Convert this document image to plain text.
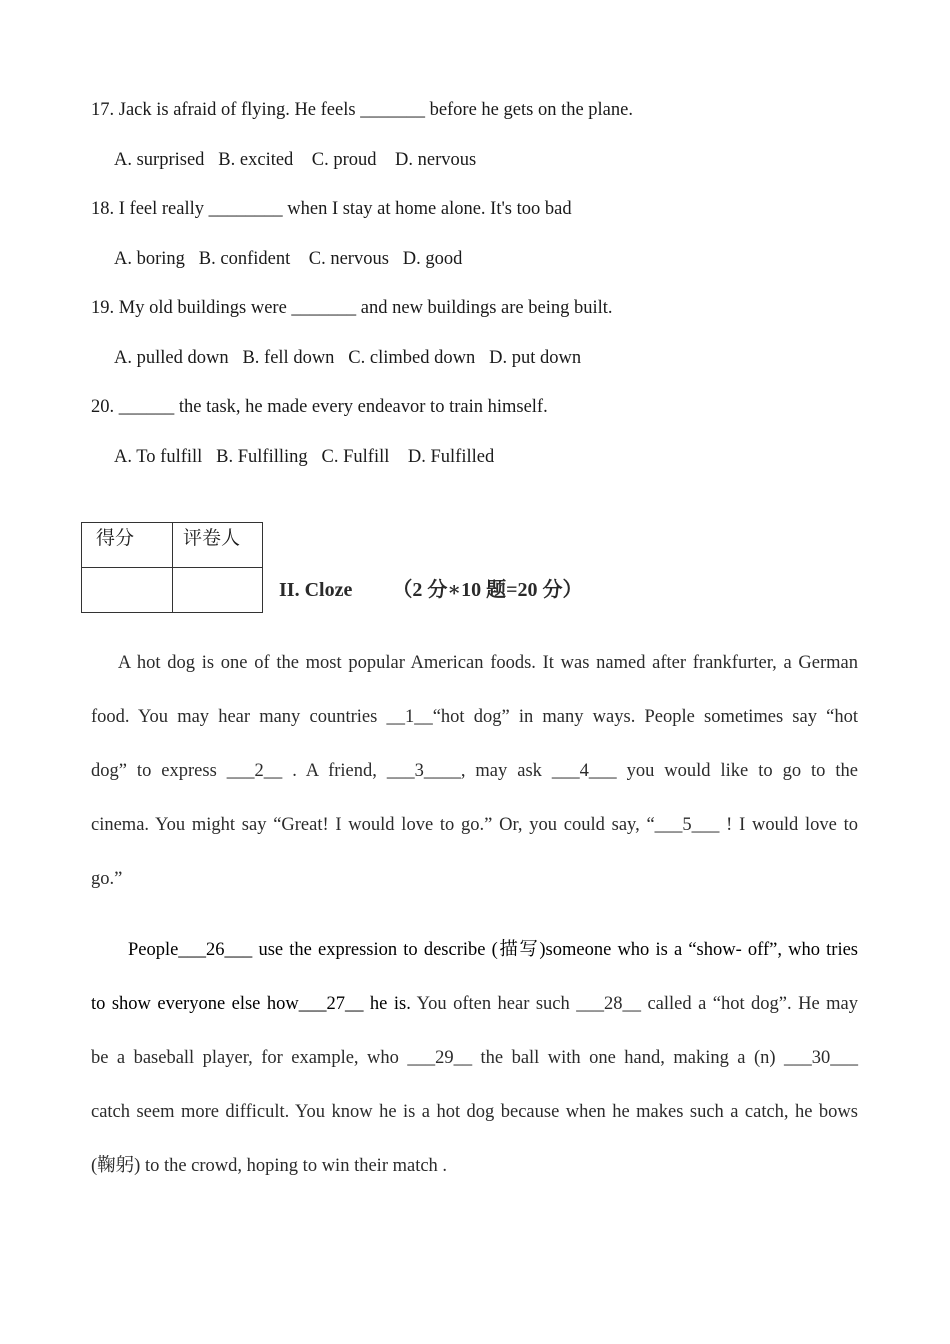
17. Jack is afraid of flying. He feels _______ before he gets on the plane.
A. surprised   B. excited    C. proud    D. nervous
18. I feel really ________ when I stay at home alone. It's too bad
A. boring   B. confident    C. nervous   D. good
19. My old buildings were _______ and new buildings are being built.
A. pulled down   B. fell down   C. climbed down   D. put down
20. ______ the task, he made every endeavor to train himself.
A. To fulfill   B. Fulfilling   C. Fulfill    D. Fulfilled
得分	评卷人

II. Cloze        （2 分∗10 题=20 分）
A hot dog is one of the most popular American foods. It was named after frankfurter, a German
food. You may hear many countries __1__“hot dog” in many ways. People sometimes say “hot
dog” to express ___2__ . A friend, ___3____, may ask ___4___ you would like to go to the
cinema. You might say “Great! I would love to go.” Or, you could say, “___5___ ! I would love to
go.”
People___26___ use the expression to describe (描写)someone who is a “show- off”, who tries
to show everyone else how___27__ he is. You often hear such ___28__ called a “hot dog”. He may
be a baseball player, for example, who ___29__ the ball with one hand, making a (n) ___30___
catch seem more difficult. You know he is a hot dog because when he makes such a catch, he bows
(鞠躬) to the crowd, hoping to win their match .
